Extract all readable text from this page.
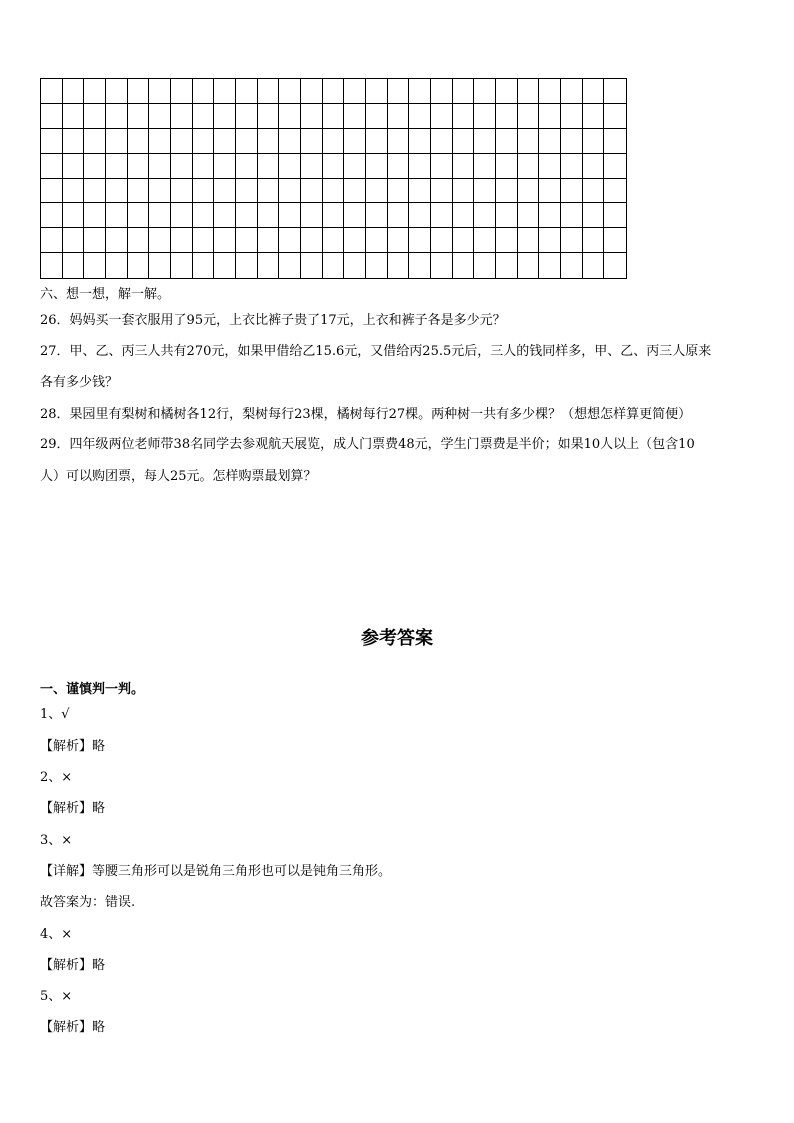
六、想一想，解一解。
26．妈妈买一套衣服用了95元，上衣比裤子贵了17元，上衣和裤子各是多少元？
27．甲、乙、丙三人共有270元，如果甲借给乙15.6元，又借给丙25.5元后，三人的钱同样多，甲、乙、丙三人原来
各有多少钱？
28．果园里有梨树和橘树各12行，梨树每行23棵，橘树每行27棵。两种树一共有多少棵？（想想怎样算更简便）
29．四年级两位老师带38名同学去参观航天展览，成人门票费48元，学生门票费是半价；如果10人以上（包含10
人）可以购团票，每人25元。怎样购票最划算？
参考答案
一、谨慎判一判。
1、√
【解析】略
2、×
【解析】略
3、×
【详解】等腰三角形可以是锐角三角形也可以是钝角三角形。
故答案为：错误.
4、×
【解析】略
5、×
【解析】略
